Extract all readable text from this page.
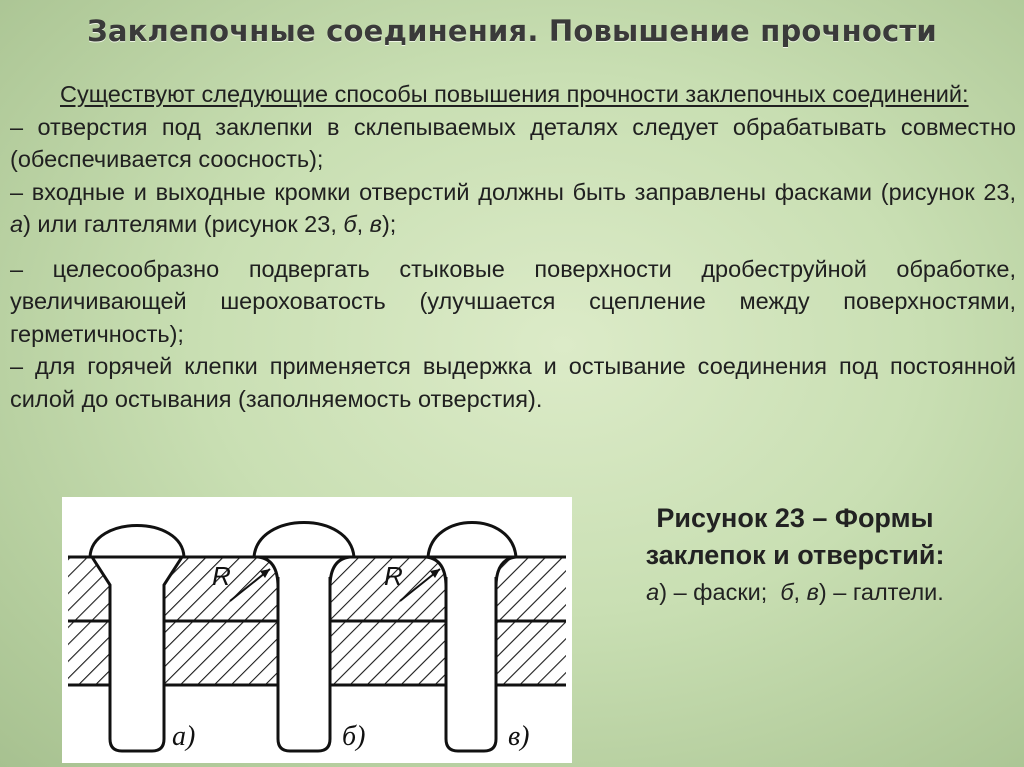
Заклепочные соединения. Повышение прочности

Существуют следующие способы повышения прочности заклепочных соединений:

– отверстия под заклепки в склепываемых деталях следует обрабатывать совместно (обеспечивается соосность);

– входные и выходные кромки отверстий должны быть заправлены фасками (рисунок 23, а) или галтелями (рисунок 23, б, в);

– целесообразно подвергать стыковые поверхности дробеструйной обработке, увеличивающей шероховатость (улучшается сцепление между поверхностями, герметичность);

– для горячей клепки применяется выдержка и остывание соединения под постоянной силой до остывания (заполняемость отверстия).

R	R
а)	б)	в)
Рисунок 23 – Формы
заклепок и отверстий:
а) – фаски;  б, в) – галтели.
